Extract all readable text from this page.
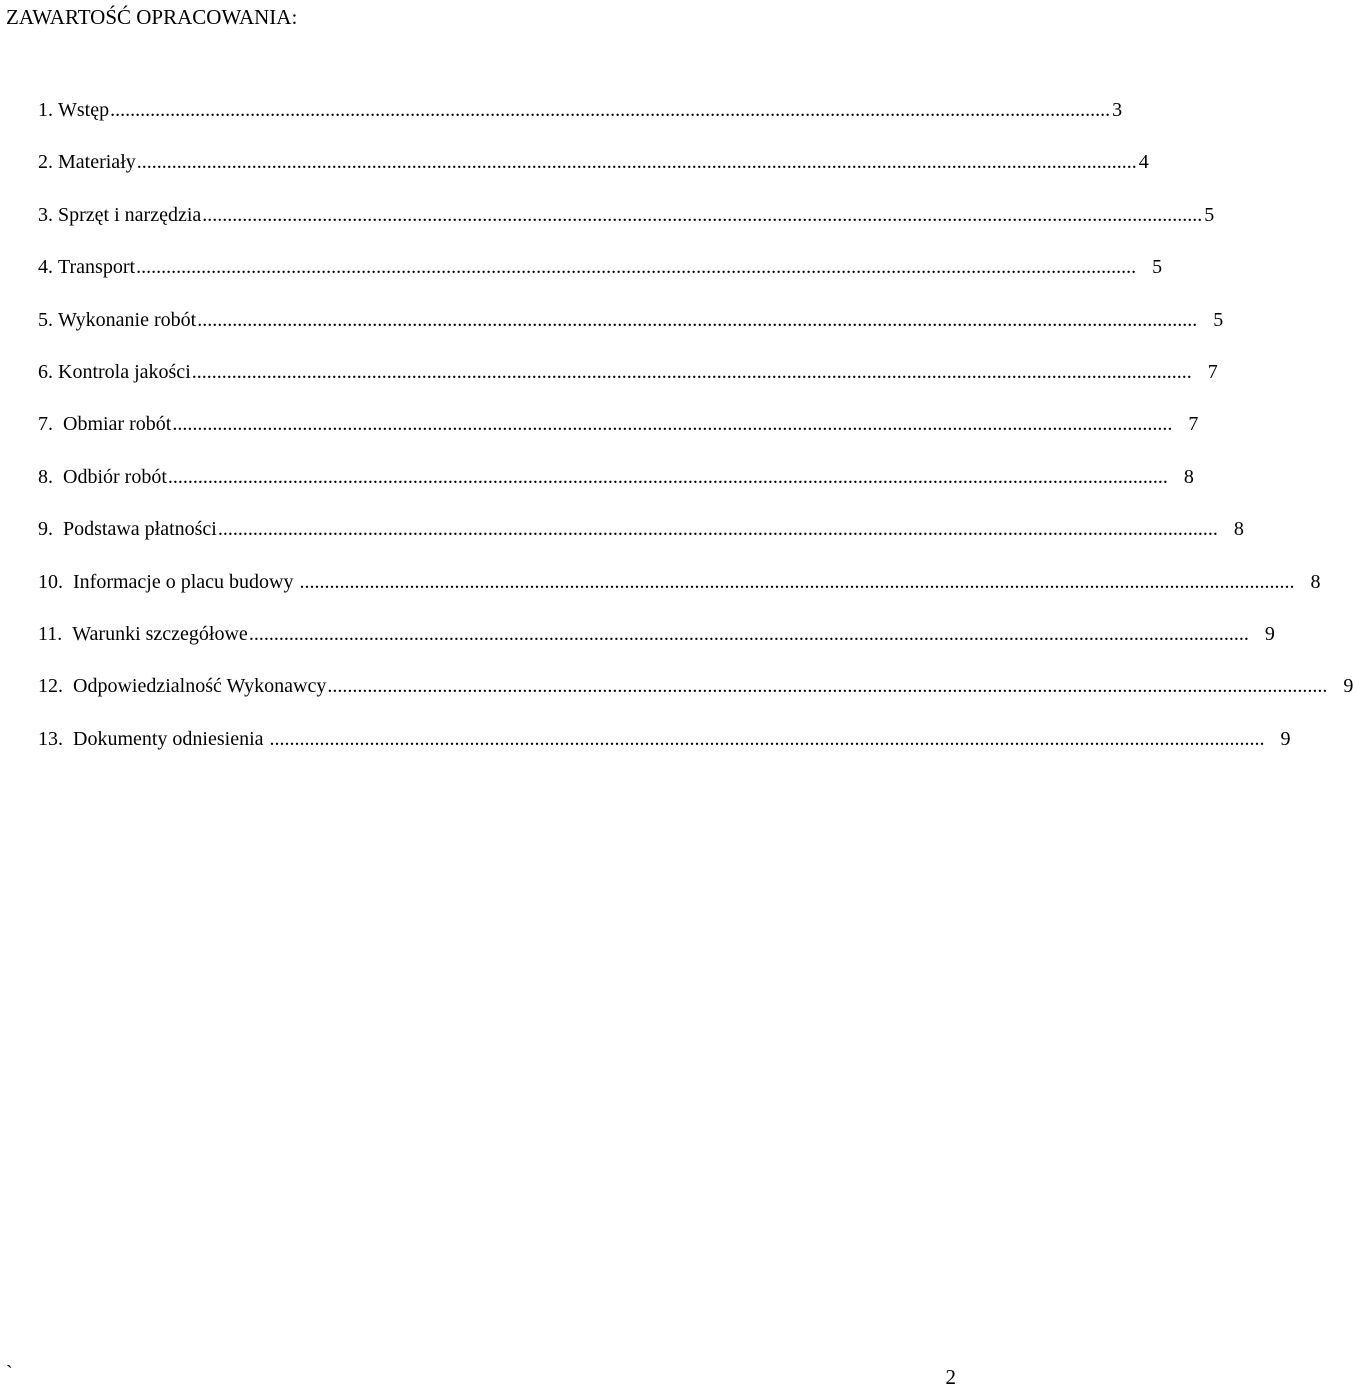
ZAWARTOŚĆ OPRACOWANIA:
1. Wstęp ........................................................................................................................................................................................................ 3
2. Materiały ........................................................................................................................................................................................................ 4
3. Sprzęt i narzędzia ........................................................................................................................................................................................................ 5
4. Transport ........................................................................................................................................................................................................ 5
5. Wykonanie robót ........................................................................................................................................................................................................ 5
6. Kontrola jakości ........................................................................................................................................................................................................ 7
7. Obmiar robót ........................................................................................................................................................................................................ 7
8. Odbiór robót ........................................................................................................................................................................................................ 8
9. Podstawa płatności ........................................................................................................................................................................................................ 8
10. Informacje o placu budowy ....................................................................................................................................................................................................... 8
11. Warunki szczegółowe ........................................................................................................................................................................................................ 9
12. Odpowiedzialność Wykonawcy ........................................................................................................................................................................................................ 9
13. Dokumenty odniesienia ....................................................................................................................................................................................................... 9
`	2
